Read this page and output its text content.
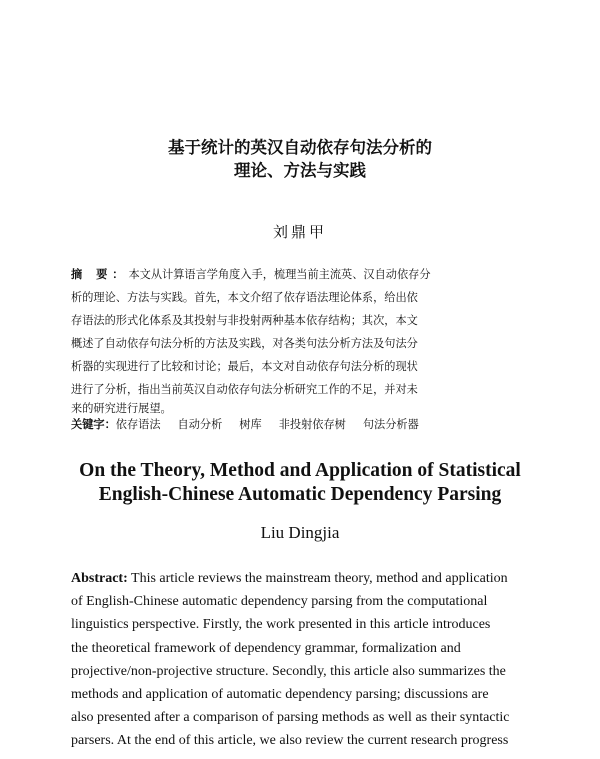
基于统计的英汉自动依存句法分析的
理论、方法与实践
刘鼎甲
摘 要：本文从计算语言学角度入手，梳理当前主流英、汉自动依存分
析的理论、方法与实践。首先，本文介绍了依存语法理论体系，给出依
存语法的形式化体系及其投射与非投射两种基本依存结构；其次，本文
概述了自动依存句法分析的方法及实践，对各类句法分析方法及句法分
析器的实现进行了比较和讨论；最后，本文对自动依存句法分析的现状
进行了分析，指出当前英汉自动依存句法分析研究工作的不足，并对未
来的研究进行展望。
关键字：依存语法 自动分析 树库 非投射依存树 句法分析器
On the Theory, Method and Application of Statistical
English-Chinese Automatic Dependency Parsing
Liu Dingjia
Abstract: This article reviews the mainstream theory, method and application
of English-Chinese automatic dependency parsing from the computational
linguistics perspective. Firstly, the work presented in this article introduces
the theoretical framework of dependency grammar, formalization and
projective/non-projective structure. Secondly, this article also summarizes the
methods and application of automatic dependency parsing; discussions are
also presented after a comparison of parsing methods as well as their syntactic
parsers. At the end of this article, we also review the current research progress
